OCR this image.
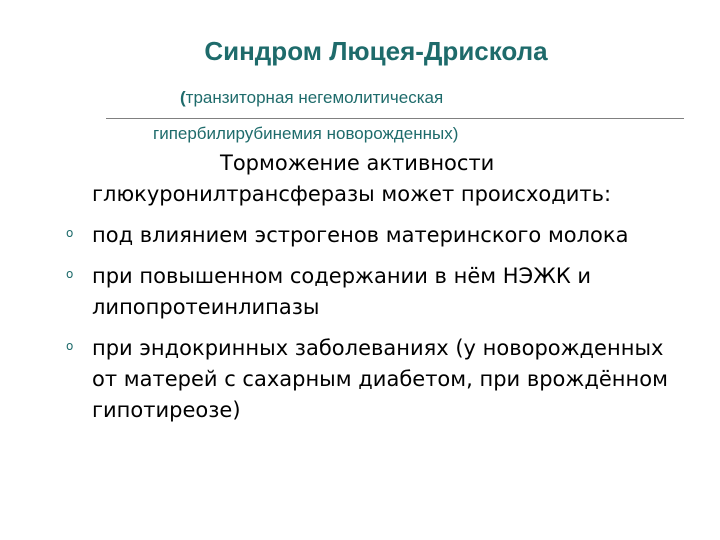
Синдром Люцея-Дрискола
(транзиторная негемолитическая
гипербилирубинемия новорожденных)

Торможение активности глюкуронилтрансферазы может происходить:

o под влиянием эстрогенов материнского молока
o при повышенном содержании в нём НЭЖК и липопротеинлипазы
o при эндокринных заболеваниях (у новорожденных от матерей с сахарным диабетом, при врождённом гипотиреозе)
